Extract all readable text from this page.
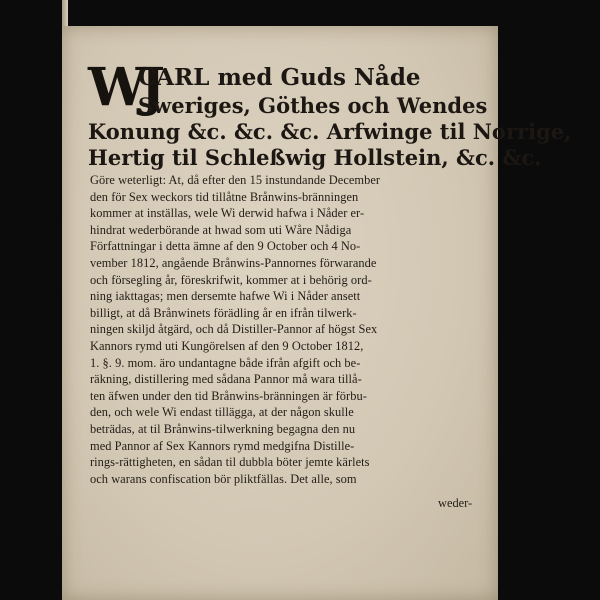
WJ
CARL med Guds Nåde
Sweriges, Göthes och Wendes
Konung &c. &c. &c. Arfwinge til Norrige,
Hertig til Schleßwig Hollstein, &c. &c.
Göre weterligt: At, då efter den 15 instundande December
den för Sex weckors tid tillåtne Brånwins-bränningen
kommer at inställas, wele Wi derwid hafwa i Nåder er-
hindrat wederbörande at hwad som uti Wåre Nådiga
Författningar i detta ämne af den 9 October och 4 No-
vember 1812, angående Brånwins-Pannornes förwarande
och försegling år, föreskrifwit, kommer at i behörig ord-
ning iakttagas; men dersemte hafwe Wi i Nåder ansett
billigt, at då Brånwinets förädling år en ifrån tilwerk-
ningen skiljd åtgärd, och då Distiller-Pannor af högst Sex
Kannors rymd uti Kungörelsen af den 9 October 1812,
1. §. 9. mom. äro undantagne både ifrån afgift och be-
räkning, distillering med sådana Pannor må wara tillå-
ten äfwen under den tid Brånwins-bränningen är förbu-
den, och wele Wi endast tillägga, at der någon skulle
beträdas, at til Brånwins-tilwerkning begagna den nu
med Pannor af Sex Kannors rymd medgifna Distille-
rings-rättigheten, en sådan til dubbla böter jemte kärlets
och warans confiscation bör pliktfällas. Det alle, som
weder-
